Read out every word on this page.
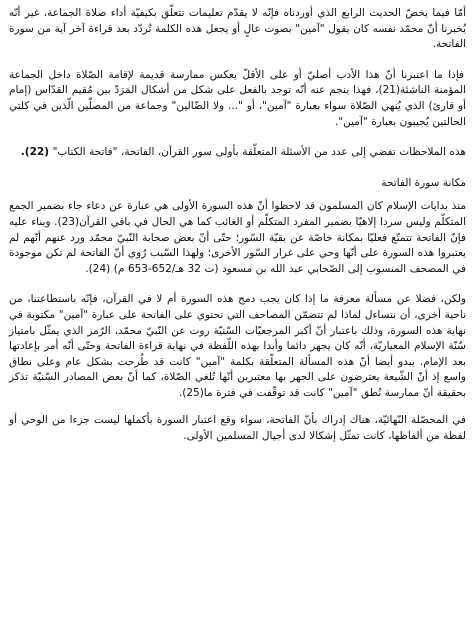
أمّا فيما يخصّ الحديث الرابع الذي أوردناه فإنّه لا يقدّم تعليمات تتعلّق بكيفيّة أداء صلاة الجماعة، غير أنّه يُخبرنا أنّ محمّد نفسه كان يقول "آمين" بصوت عالٍ أو يجعل هذه الكلمة تُردّد بعد قراءة آخر آية من سورة الفاتحة.

فإذا ما اعتبرنا أنّ هذا الأدب أصليّ أو على الأقلّ يعكس ممارسة قديمة لإقامة الصّلاة داخل الجماعة المؤمنة الناشئة(21)، فهذا ينجم عنه أنّه توجد بالفعل على شكل من أشكال المَرَدّ بين مُقيم القدّاس (إمام أو قارئ) الذي يُنهي الصّلاة سواء بعبارة "آمين"، أو "... ولا الضّالين" وجماعة من المصلّين الّذين في كلتي الحالتين يُجيبون بعبارة "آمين".

هذه الملاحظات تفضي إلى عدد من الأسئلة المتعلّقة بأولى سور القرآن، الفاتحة، "فاتحة الكتاب" (22).

مكانة سورة الفاتحة

منذ بدايات الإسلام كان المسلمون قد لاحظوا أنّ هذه السورة الأولى هي عبارة عن دعاء جاء بضمير الجمع المتكلّم وليس سردا إلاهيّا بضمير المفرد المتكلّم أو الغائب كما هي الحال في باقي القرآن(23). وبناء عليه فإنّ الفاتحة تتمتّع فعليّا بمكانة خاصّة عن بقيّة السّور؛ حتّى أنّ بعض صحابة النّبيّ محمّد ورد عنهم أنّهم لم يعتبروا هذه السورة على أنّها وحي على غرار السّور الأخرى؛ ولهذا السّبب رُوي أنّ الفاتحة لم تكن موجودة في المصحف المنسوب إلى الصّحابي عبد الله بن مسعود (ت 32 هـ/652-653 م) (24).

ولكن، فضلا عن مسألة معرفة ما إذا كان يجب دمج هذه السورة أم لا في القرآن، فإنّه باستطاعتنا، من ناحية أخرى، أن نتساءل لماذا لم تتضمّن المصاحف التي تحتوي على الفاتحة على عبارة "آمين" مكتوبة في نهاية هذه السورة، وذلك باعتبار أنّ أكبر المرجعيّات السّنيّة روت عن النّبيّ محمّد، الرّمز الذي يمثّل بامتياز سُنّة الإسلام المعياريّة، أنّه كان يجهر دائما وأبدا بهذه اللّفظة في نهاية قراءة الفاتحة وحتّى أنّه أمر بإعادتها بعد الإمام. يبدو أيضا أنّ هذه المسألة المتعلّقة بكلمة "آمين" كانت قد طُرحت بشكل عام وعلى نطاق واسع إذ أنّ الشّيعة يعترضون على الجهر بها معتبرين أنّها تُلغي الصّلاة، كما أنّ بعض المصادر السّنيّة تذكر بحقيقة أنّ ممارسة نُطق "آمين" كانت قد توقّفت في فترة ما(25).

في المحصّلة النّهائيّة، هناك إدراك بأنّ الفاتحة، سواء وقع اعتبار السورة بأكملها ليست جزءا من الوحي أو لفظة من ألفاظها، كانت تمثّل إشكالا لدى أجيال المسلمين الأولى.
